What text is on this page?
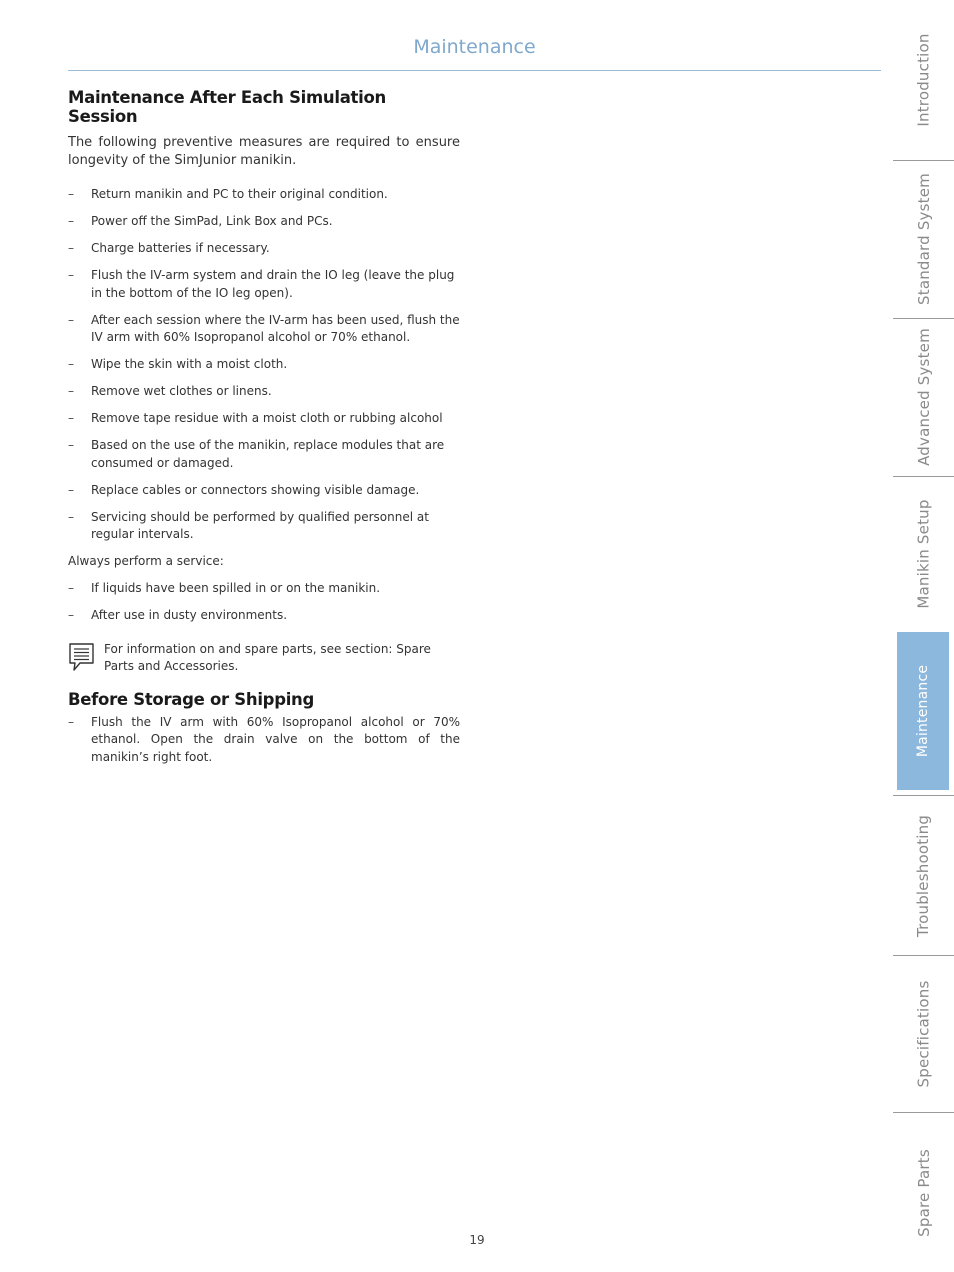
Maintenance
Maintenance After Each Simulation Session

The following preventive measures are required to ensure longevity of the SimJunior manikin.

– Return manikin and PC to their original condition.
– Power off the SimPad, Link Box and PCs.
– Charge batteries if necessary.
– Flush the IV-arm system and drain the IO leg (leave the plug in the bottom of the IO leg open).
– After each session where the IV-arm has been used, flush the IV arm with 60% Isopropanol alcohol or 70% ethanol.
– Wipe the skin with a moist cloth.
– Remove wet clothes or linens.
– Remove tape residue with a moist cloth or rubbing alcohol
– Based on the use of the manikin, replace modules that are consumed or damaged.
– Replace cables or connectors showing visible damage.
– Servicing should be performed by qualified personnel at regular intervals.

Always perform a service:

– If liquids have been spilled in or on the manikin.
– After use in dusty environments.
For information on and spare parts, see section: Spare Parts and Accessories.
Before Storage or Shipping
– Flush the IV arm with 60% Isopropanol alcohol or 70% ethanol. Open the drain valve on the bottom of the manikin’s right foot.
19
Introduction
Standard System
Advanced System
Manikin Setup
Maintenance
Troubleshooting
Specifications
Spare Parts
